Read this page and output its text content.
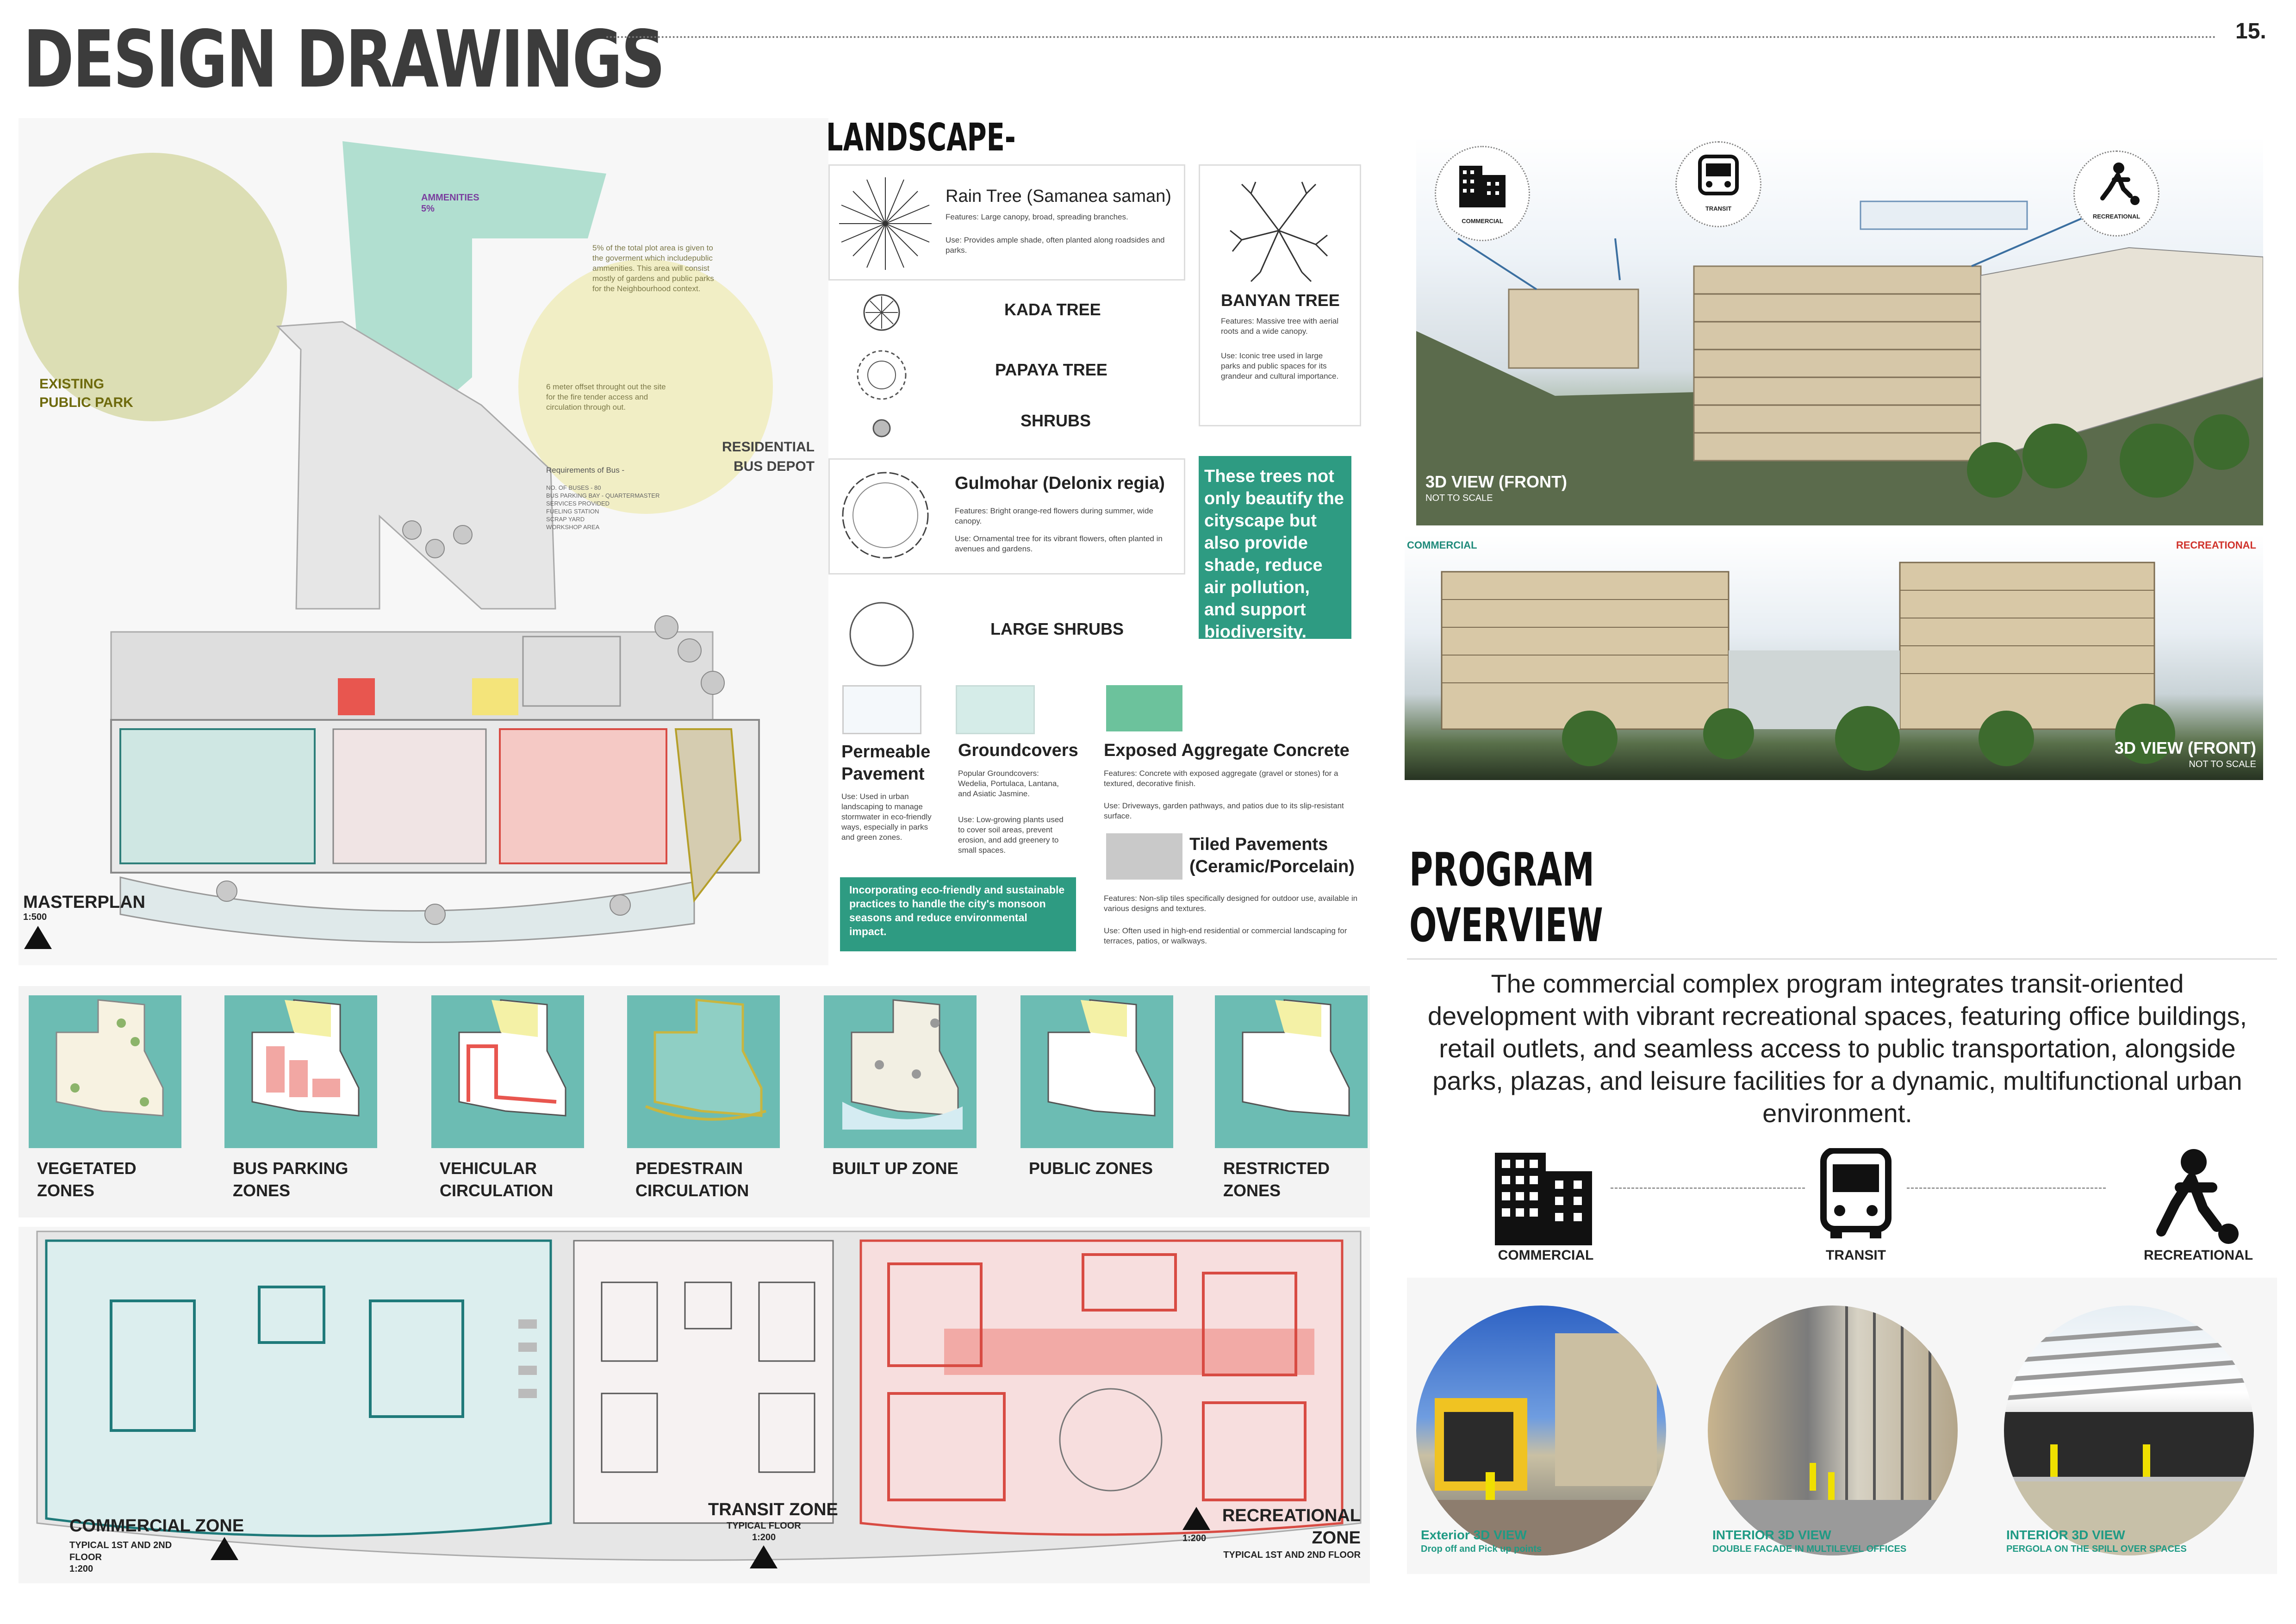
DESIGN DRAWINGS	15.
EXISTING
PUBLIC PARK
AMMENITIES
5%
5% of the total plot area is given to the goverment which includepublic ammenities. This area will consist mostly of gardens and public parks for the Neighbourhood context.
6 meter offset throught out the site for the fire tender access and circulation through out.
Requirements of Bus -
NO. OF BUSES - 80
BUS PARKING BAY - QUARTERMASTER
SERVICES PROVIDED
FUELING STATION
SCRAP YARD
WORKSHOP AREA
RESIDENTIAL
BUS DEPOT
MASTERPLAN
1:500
LANDSCAPE-
Rain Tree (Samanea saman)
Features: Large canopy, broad, spreading branches.
Use: Provides ample shade, often planted along roadsides and parks.
BANYAN TREE
Features: Massive tree with aerial roots and a wide canopy.
Use: Iconic tree used in large parks and public spaces for its grandeur and cultural importance.
KADA TREE
PAPAYA TREE
SHRUBS
Gulmohar (Delonix regia)
Features: Bright orange-red flowers during summer, wide canopy.
Use: Ornamental tree for its vibrant flowers, often planted in avenues and gardens.
These trees not only beautify the cityscape but also provide shade, reduce air pollution, and support biodiversity.
LARGE SHRUBS
Permeable Pavement
Use: Used in urban landscaping to manage stormwater in eco-friendly ways, especially in parks and green zones.
Groundcovers
Popular Groundcovers: Wedelia, Portulaca, Lantana, and Asiatic Jasmine.
Use: Low-growing plants used to cover soil areas, prevent erosion, and add greenery to small spaces.
Exposed Aggregate Concrete
Features: Concrete with exposed aggregate (gravel or stones) for a textured, decorative finish.
Use: Driveways, garden pathways, and patios due to its slip-resistant surface.
Tiled Pavements
(Ceramic/Porcelain)
Features: Non-slip tiles specifically designed for outdoor use, available in various designs and textures.
Use: Often used in high-end residential or commercial landscaping for terraces, patios, or walkways.
Incorporating eco-friendly and sustainable practices to handle the city's monsoon seasons and reduce environmental impact.
COMMERCIAL
TRANSIT
RECREATIONAL
3D VIEW (FRONT)
NOT TO SCALE
COMMERCIAL	RECREATIONAL
3D VIEW (FRONT)
NOT TO SCALE
PROGRAM
OVERVIEW
The commercial complex program integrates transit-oriented development with vibrant recreational spaces, featuring office buildings, retail outlets, and seamless access to public transportation, alongside parks, plazas, and leisure facilities for a dynamic, multifunctional urban environment.
COMMERCIAL	TRANSIT	RECREATIONAL
VEGETATED
ZONES
BUS PARKING
ZONES
VEHICULAR
CIRCULATION
PEDESTRAIN
CIRCULATION
BUILT UP ZONE	PUBLIC ZONES	RESTRICTED
ZONES
COMMERCIAL ZONE
TYPICAL 1ST AND 2ND
FLOOR
1:200
TRANSIT ZONE
TYPICAL FLOOR
1:200	1:200
RECREATIONAL
ZONE
TYPICAL 1ST AND 2ND FLOOR
Exterior 3D VIEW
Drop off and Pick up points
INTERIOR 3D VIEW
DOUBLE FACADE IN MULTILEVEL OFFICES
INTERIOR 3D VIEW
PERGOLA ON THE SPILL OVER SPACES
